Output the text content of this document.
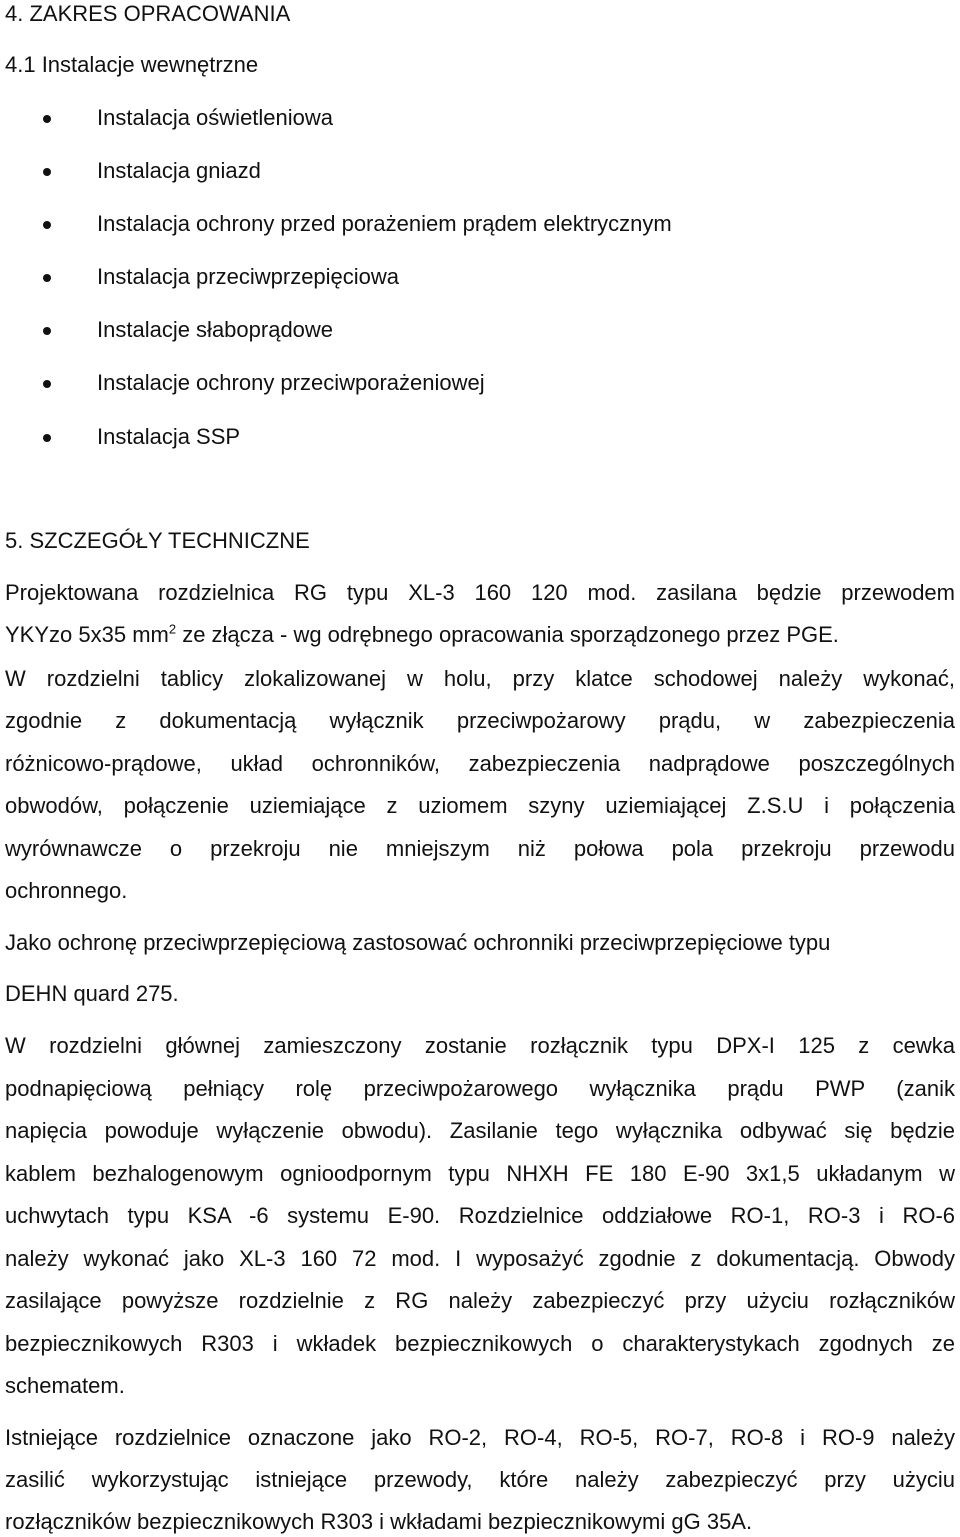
4. ZAKRES OPRACOWANIA
4.1 Instalacje wewnętrzne
Instalacja oświetleniowa
Instalacja gniazd
Instalacja ochrony przed porażeniem prądem elektrycznym
Instalacja przeciwprzepięciowa
Instalacje słaboprądowe
Instalacje ochrony przeciwporażeniowej
Instalacja SSP
5. SZCZEGÓŁY TECHNICZNE
Projektowana rozdzielnica RG typu XL-3 160 120 mod. zasilana będzie przewodem
YKYzo 5x35 $mm^2$ ze złącza - wg odrębnego opracowania sporządzonego przez PGE.
W rozdzielni tablicy zlokalizowanej w holu, przy klatce schodowej należy wykonać,
zgodnie z dokumentacją wyłącznik przeciwpożarowy prądu, w zabezpieczenia
różnicowo-prądowe, układ ochronników, zabezpieczenia nadprądowe poszczególnych
obwodów, połączenie uziemiające z uziomem szyny uziemiającej Z.S.U i połączenia
wyrównawcze o przekroju nie mniejszym niż połowa pola przekroju przewodu
ochronnego.
Jako ochronę przeciwprzepięciową zastosować ochronniki przeciwprzepięciowe typu
DEHN quard 275.
W rozdzielni głównej zamieszczony zostanie rozłącznik typu DPX-I 125 z cewka
podnapięciową pełniący rolę przeciwpożarowego wyłącznika prądu PWP (zanik
napięcia powoduje wyłączenie obwodu). Zasilanie tego wyłącznika odbywać się będzie
kablem bezhalogenowym ognioodpornym typu NHXH FE 180 E-90 3x1,5 układanym w
uchwytach typu KSA -6 systemu E-90. Rozdzielnice oddziałowe RO-1, RO-3 i RO-6
należy wykonać jako XL-3 160 72 mod. I wyposażyć zgodnie z dokumentacją. Obwody
zasilające powyższe rozdzielnie z RG należy zabezpieczyć przy użyciu rozłączników
bezpiecznikowych R303 i wkładek bezpiecznikowych o charakterystykach zgodnych ze
schematem.
Istniejące rozdzielnice oznaczone jako RO-2, RO-4, RO-5, RO-7, RO-8 i RO-9 należy
zasilić wykorzystując istniejące przewody, które należy zabezpieczyć przy użyciu
rozłączników bezpiecznikowych R303 i wkładami bezpiecznikowymi gG 35A.
